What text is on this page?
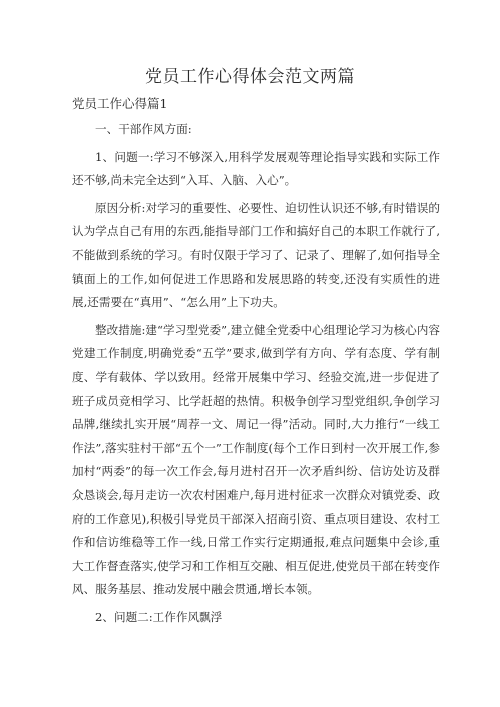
党员工作心得体会范文两篇
党员工作心得篇1

一、干部作风方面:

1、问题一:学习不够深入,用科学发展观等理论指导实践和实际工作还不够,尚未完全达到“入耳、入脑、入心”。

原因分析:对学习的重要性、必要性、迫切性认识还不够,有时错误的认为学点自己有用的东西,能指导部门工作和搞好自己的本职工作就行了,不能做到系统的学习。有时仅限于学习了、记录了、理解了,如何指导全镇面上的工作,如何促进工作思路和发展思路的转变,还没有实质性的进展,还需要在“真用”、“怎么用”上下功夫。

整改措施:建“学习型党委”,建立健全党委中心组理论学习为核心内容党建工作制度,明确党委“五学”要求,做到学有方向、学有态度、学有制度、学有载体、学以致用。经常开展集中学习、经验交流,进一步促进了班子成员竞相学习、比学赶超的热情。积极争创学习型党组织,争创学习品牌,继续扎实开展“周荐一文、周记一得”活动。同时,大力推行“一线工作法”,落实驻村干部“五个一”工作制度(每个工作日到村一次开展工作,参加村“两委”的每一次工作会,每月进村召开一次矛盾纠纷、信访处访及群众恳谈会,每月走访一次农村困难户,每月进村征求一次群众对镇党委、政府的工作意见),积极引导党员干部深入招商引资、重点项目建设、农村工作和信访维稳等工作一线,日常工作实行定期通报,难点问题集中会诊,重大工作督查落实,使学习和工作相互交融、相互促进,使党员干部在转变作风、服务基层、推动发展中融会贯通,增长本领。

2、问题二:工作作风飘浮
